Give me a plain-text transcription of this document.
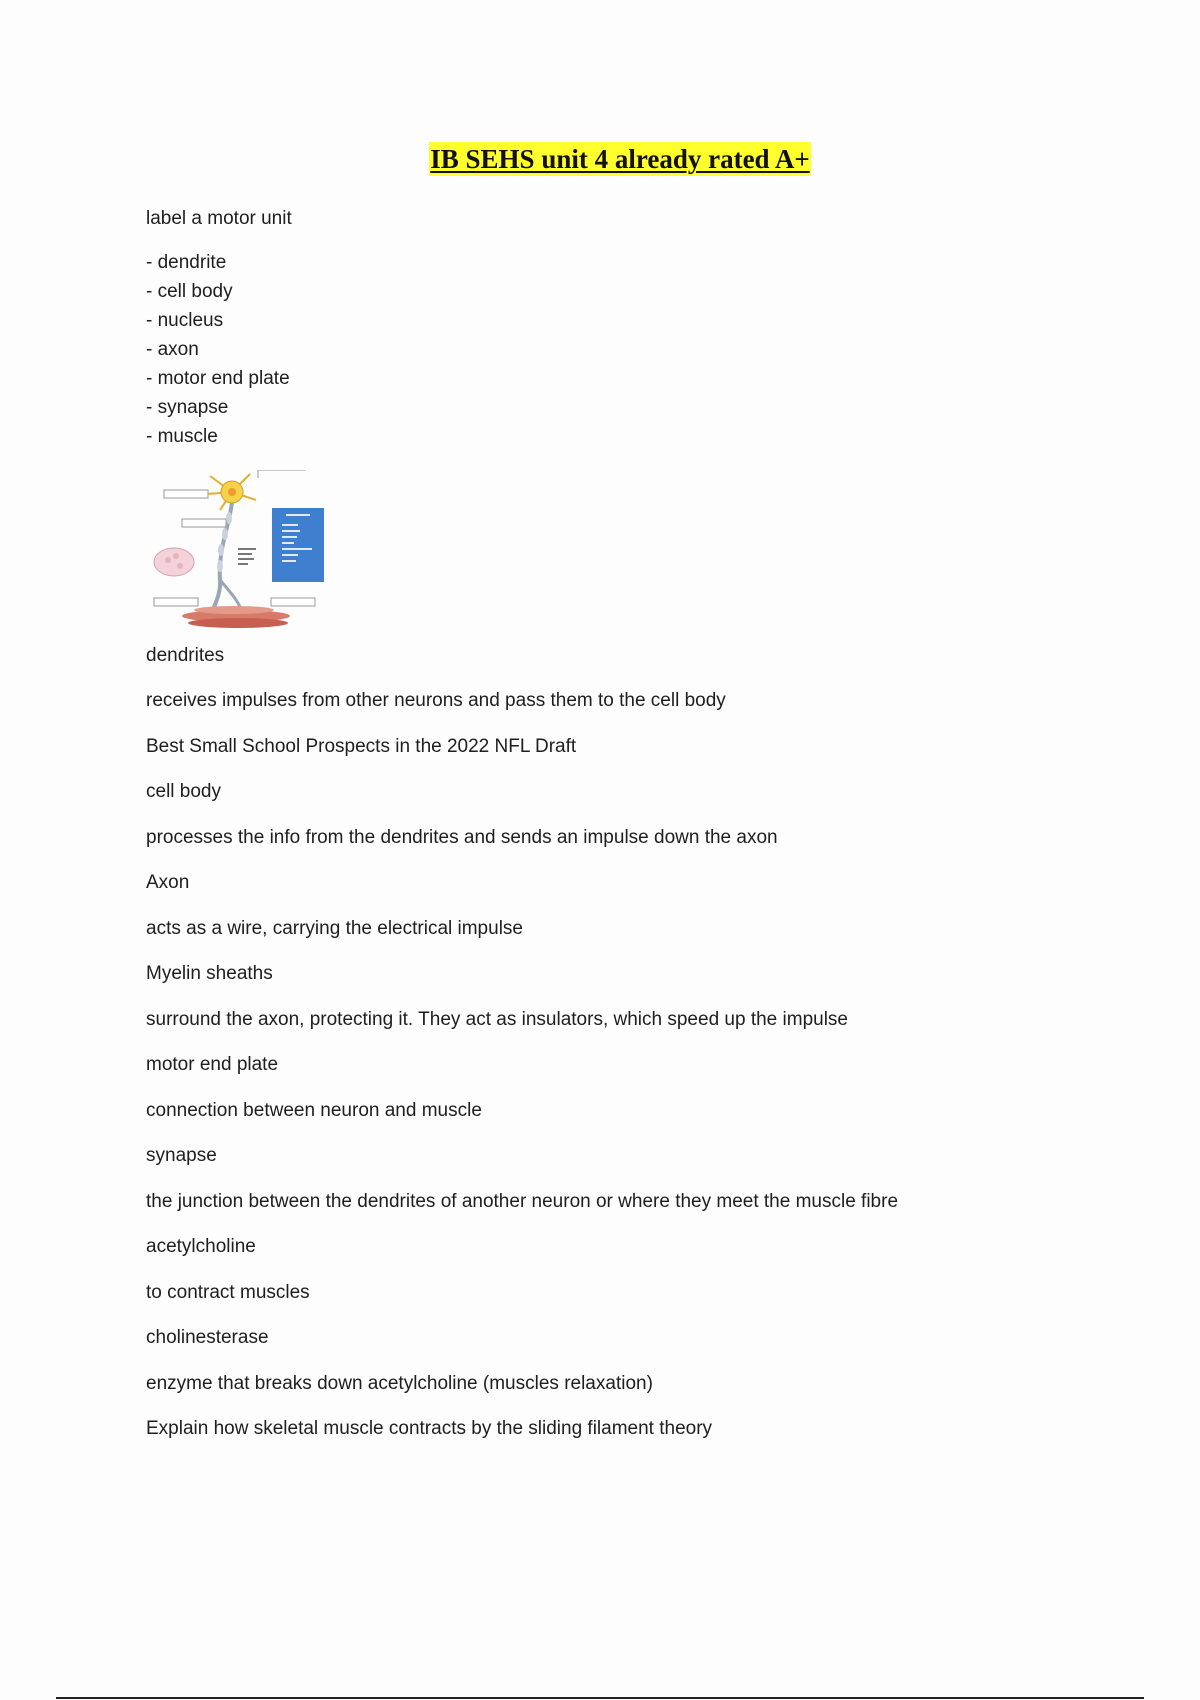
IB SEHS unit 4 already rated A+
label a motor unit
- dendrite
- cell body
- nucleus
- axon
- motor end plate
- synapse
- muscle
dendrites
receives impulses from other neurons and pass them to the cell body
Best Small School Prospects in the 2022 NFL Draft
cell body
processes the info from the dendrites and sends an impulse down the axon
Axon
acts as a wire, carrying the electrical impulse
Myelin sheaths
surround the axon, protecting it. They act as insulators, which speed up the impulse
motor end plate
connection between neuron and muscle
synapse
the junction between the dendrites of another neuron or where they meet the muscle fibre
acetylcholine
to contract muscles
cholinesterase
enzyme that breaks down acetylcholine (muscles relaxation)
Explain how skeletal muscle contracts by the sliding filament theory
